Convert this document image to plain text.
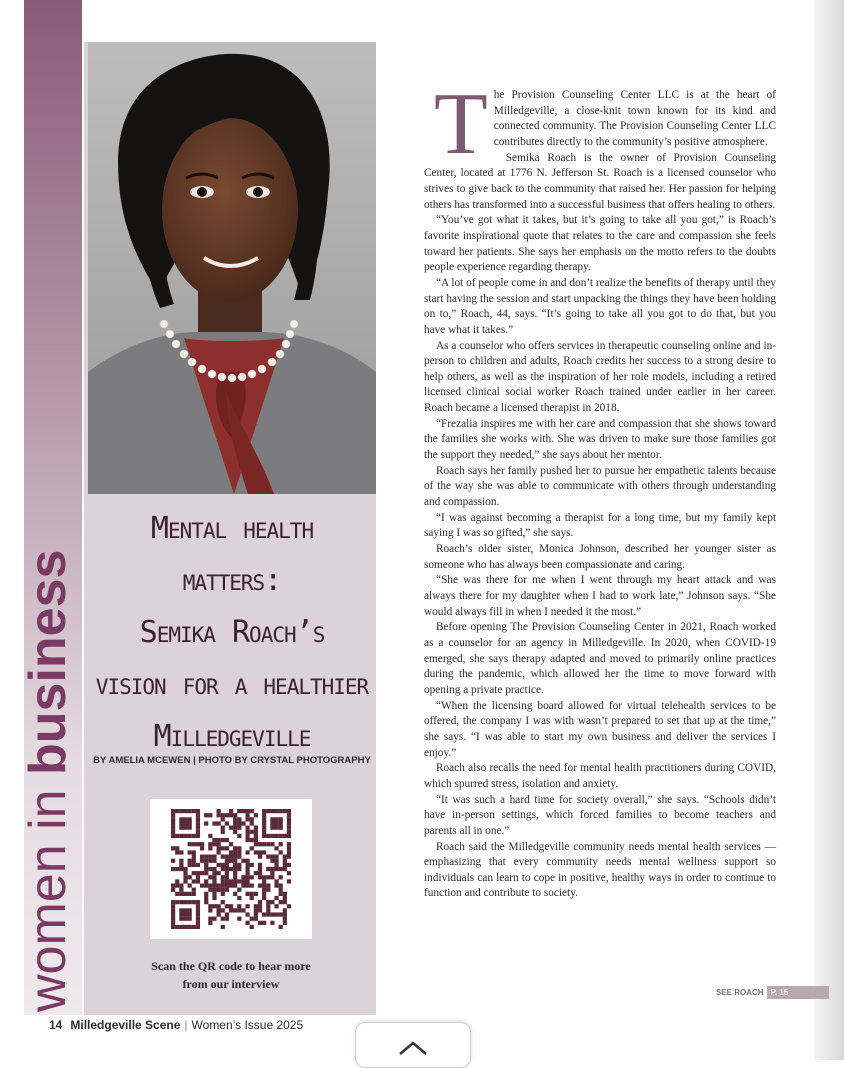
women in business
Mental health
matters:
Semika Roach’s
vision for a healthier
Milledgeville
BY AMELIA MCEWEN | PHOTO BY CRYSTAL PHOTOGRAPHY
Scan the QR code to hear more
from our interview
14 Milledgeville Scene | Women’s Issue 2025

The Provision Counseling Center LLC is at the heart of Milledgeville, a close-knit town known for its kind and connected community. The Provision Counseling Center LLC contributes directly to the community’s positive atmosphere.

Semika Roach is the owner of Provision Counseling Center, located at 1776 N. Jefferson St. Roach is a licensed counselor who strives to give back to the community that raised her. Her passion for helping others has transformed into a successful business that offers healing to others.

“You’ve got what it takes, but it’s going to take all you got,” is Roach’s favorite inspirational quote that relates to the care and compassion she feels toward her patients. She says her emphasis on the motto refers to the doubts people experience regarding therapy.

“A lot of people come in and don’t realize the benefits of therapy until they start having the session and start unpacking the things they have been holding on to,” Roach, 44, says. “It’s going to take all you got to do that, but you have what it takes.”

As a counselor who offers services in therapeutic counseling online and in-person to children and adults, Roach credits her success to a strong desire to help others, as well as the inspiration of her role models, including a retired licensed clinical social worker Roach trained under earlier in her career. Roach became a licensed therapist in 2018.

“Frezalia inspires me with her care and compassion that she shows toward the families she works with. She was driven to make sure those families got the support they needed,” she says about her mentor.

Roach says her family pushed her to pursue her empathetic talents because of the way she was able to communicate with others through understanding and compassion.

“I was against becoming a therapist for a long time, but my family kept saying I was so gifted,” she says.

Roach’s older sister, Monica Johnson, described her younger sister as someone who has always been compassionate and caring.

“She was there for me when I went through my heart attack and was always there for my daughter when I had to work late,” Johnson says. “She would always fill in when I needed it the most.”

Before opening The Provision Counseling Center in 2021, Roach worked as a counselor for an agency in Milledgeville. In 2020, when COVID-19 emerged, she says therapy adapted and moved to primarily online practices during the pandemic, which allowed her the time to move forward with opening a private practice.

“When the licensing board allowed for virtual telehealth services to be offered, the company I was with wasn’t prepared to set that up at the time,” she says. “I was able to start my own business and deliver the services I enjoy.”

Roach also recalls the need for mental health practitioners during COVID, which spurred stress, isolation and anxiety.

“It was such a hard time for society overall,” she says. “Schools didn’t have in-person settings, which forced families to become teachers and parents all in one.”

Roach said the Milledgeville community needs mental health services — emphasizing that every community needs mental wellness support so individuals can learn to cope in positive, healthy ways in order to continue to function and contribute to society.

SEE ROACH P. 15
